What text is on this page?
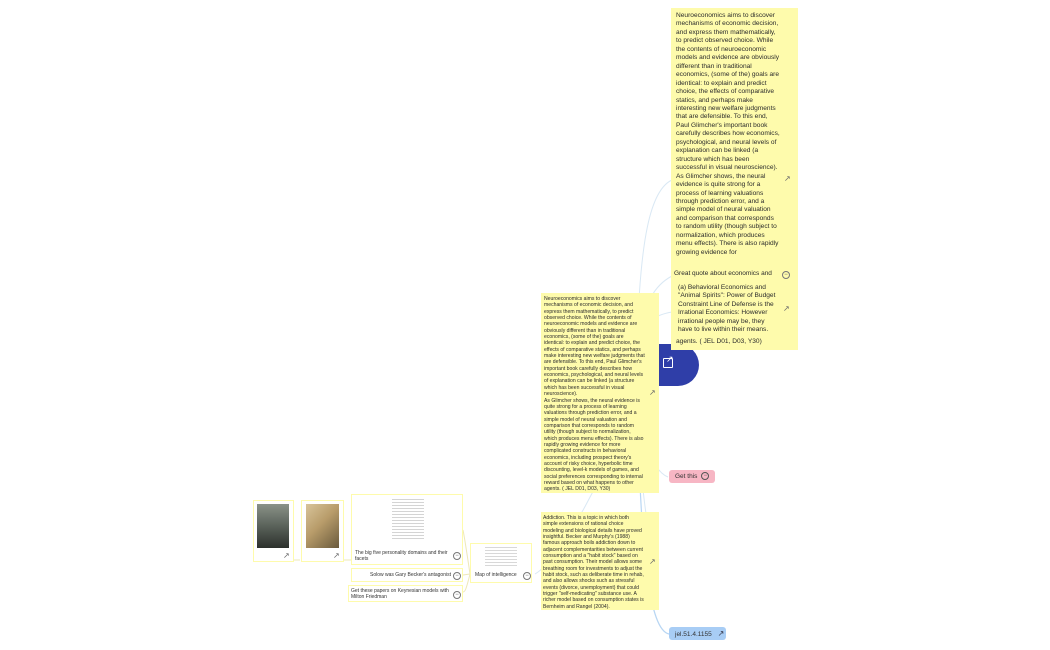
↗
Neuroeconomics aims to discover mechanisms of economic decision, and express them mathematically, to predict observed choice. While the contents of neuroeconomic models and evidence are obviously different than in traditional economics, (some of the) goals are identical: to explain and predict choice, the effects of comparative statics, and perhaps make interesting new welfare judgments that are defensible. To this end, Paul Glimcher's important book carefully describes how economics, psychological, and neural levels of explanation can be linked (a structure which has been successful in visual neuroscience). As Glimcher shows, the neural evidence is quite strong for a process of learning valuations through prediction error, and a simple model of neural valuation and comparison that corresponds to random utility (though subject to normalization, which produces menu effects). There is also rapidly growing evidence for
↗
Great quote about economics and	−
(a) Behavioral Economics and "Animal Spirits": Power of Budget Constraint Line of Defense is the Irrational Economics: However irrational people may be, they have to live within their means.
agents. ( JEL D01, D03, Y30)
↗
Neuroeconomics aims to discover mechanisms of economic decision, and express them mathematically, to predict observed choice. While the contents of neuroeconomic models and evidence are obviously different than in traditional economics, (some of the) goals are identical: to explain and predict choice, the effects of comparative statics, and perhaps make interesting new welfare judgments that are defensible. To this end, Paul Glimcher's important book carefully describes how economics, psychological, and neural levels of explanation can be linked (a structure which has been successful in visual neuroscience).
As Glimcher shows, the neural evidence is quite strong for a process of learning valuations through prediction error, and a simple model of neural valuation and comparison that corresponds to random utility (though subject to normalization, which produces menu effects). There is also rapidly growing evidence for more complicated constructs in behavioral economics, including prospect theory's account of risky choice, hyperbolic time discounting, level-k models of games, and social preferences corresponding to internal reward based on what happens to other agents. ( JEL D01, D03, Y30)
↗
Addiction. This is a topic in which both simple extensions of rational choice modeling and biological details have proved insightful. Becker and Murphy's (1988) famous approach boils addiction down to adjacent complementarities between current consumption and a "habit stock" based on past consumption. Their model allows some breathing room for investments to adjust the habit stock, such as deliberate time in rehab, and also allows shocks such as stressful events (divorce, unemployment) that could trigger "self-medicating" substance use. A richer model based on consumption states is Bernheim and Rangel (2004).
↗
Get this −
jel.51.4.1155 ↗
Map of intelligence	−
The big five personality domains and their facets	−
Solow was Gary Becker's antagonist −
Get these papers on Keynesian models with Milton Friedman	−
↗	↗
